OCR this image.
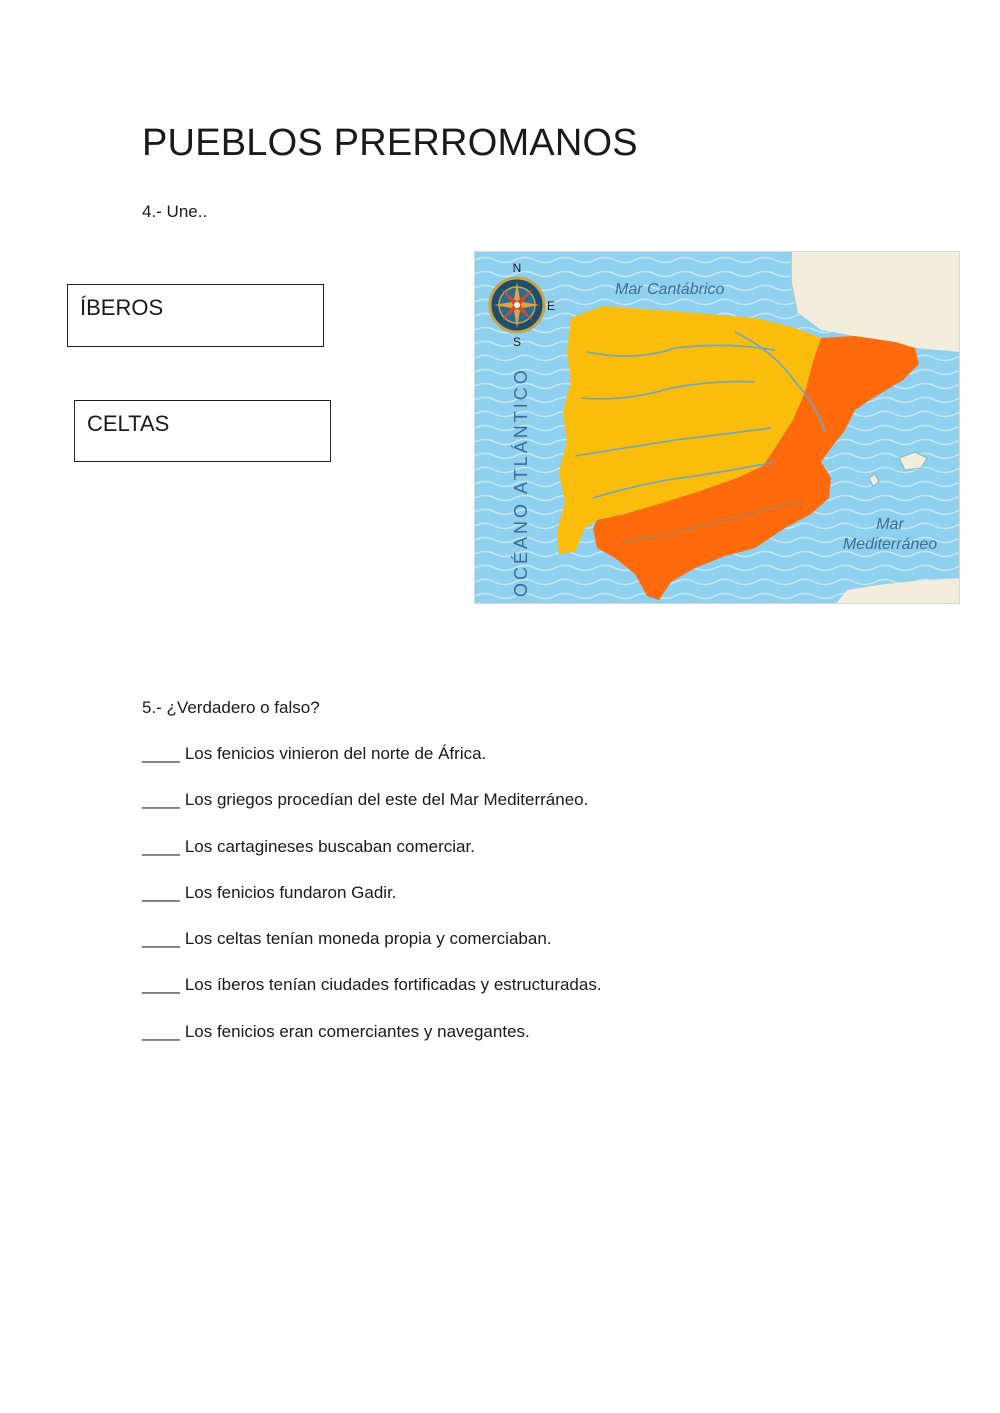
PUEBLOS PRERROMANOS
4.- Une..
ÍBEROS
CELTAS
N
S
E
Mar Cantábrico
OCÉANO ATLÁNTICO	Mar
Mediterráneo
5.- ¿Verdadero o falso?
____ Los fenicios vinieron del norte de África.
____ Los griegos procedían del este del Mar Mediterráneo.
____ Los cartagineses buscaban comerciar.
____ Los fenicios fundaron Gadir.
____ Los celtas tenían moneda propia y comerciaban.
____ Los íberos tenían ciudades fortificadas y estructuradas.
____ Los fenicios eran comerciantes y navegantes.
